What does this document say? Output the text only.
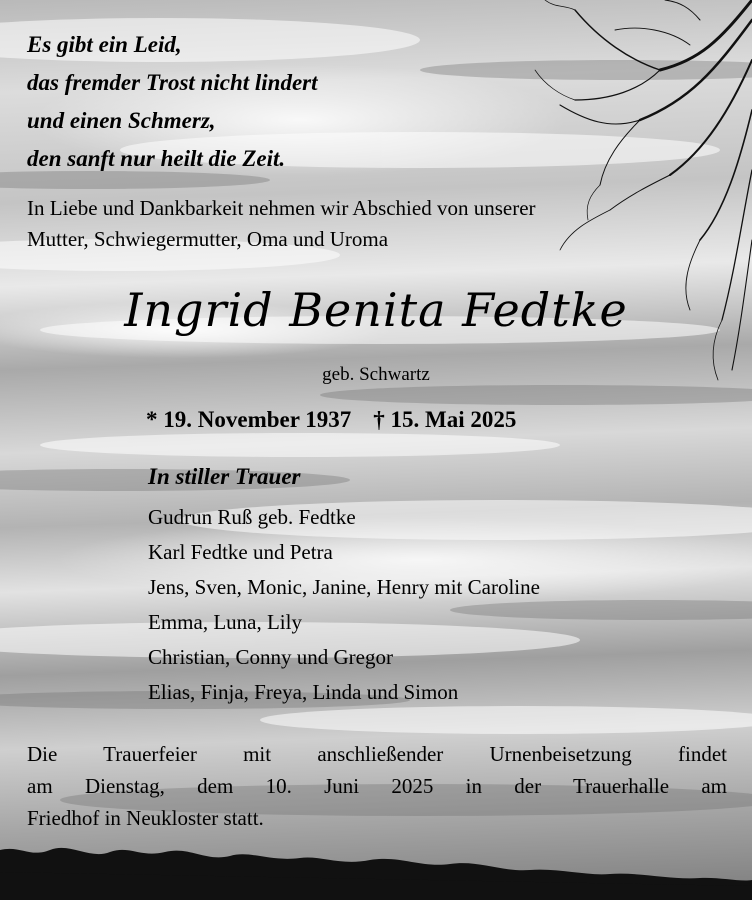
Es gibt ein Leid,
das fremder Trost nicht lindert
und einen Schmerz,
den sanft nur heilt die Zeit.
In Liebe und Dankbarkeit nehmen wir Abschied von unserer
Mutter, Schwiegermutter, Oma und Uroma
Ingrid Benita Fedtke
geb. Schwartz
* 19. November 1937 † 15. Mai 2025
In stiller Trauer
Gudrun Ruß geb. Fedtke
Karl Fedtke und Petra
Jens, Sven, Monic, Janine, Henry mit Caroline
Emma, Luna, Lily
Christian, Conny und Gregor
Elias, Finja, Freya, Linda und Simon
Die Trauerfeier mit anschließender Urnenbeisetzung findet
am Dienstag, dem 10. Juni 2025 in der Trauerhalle am
Friedhof in Neukloster statt.
